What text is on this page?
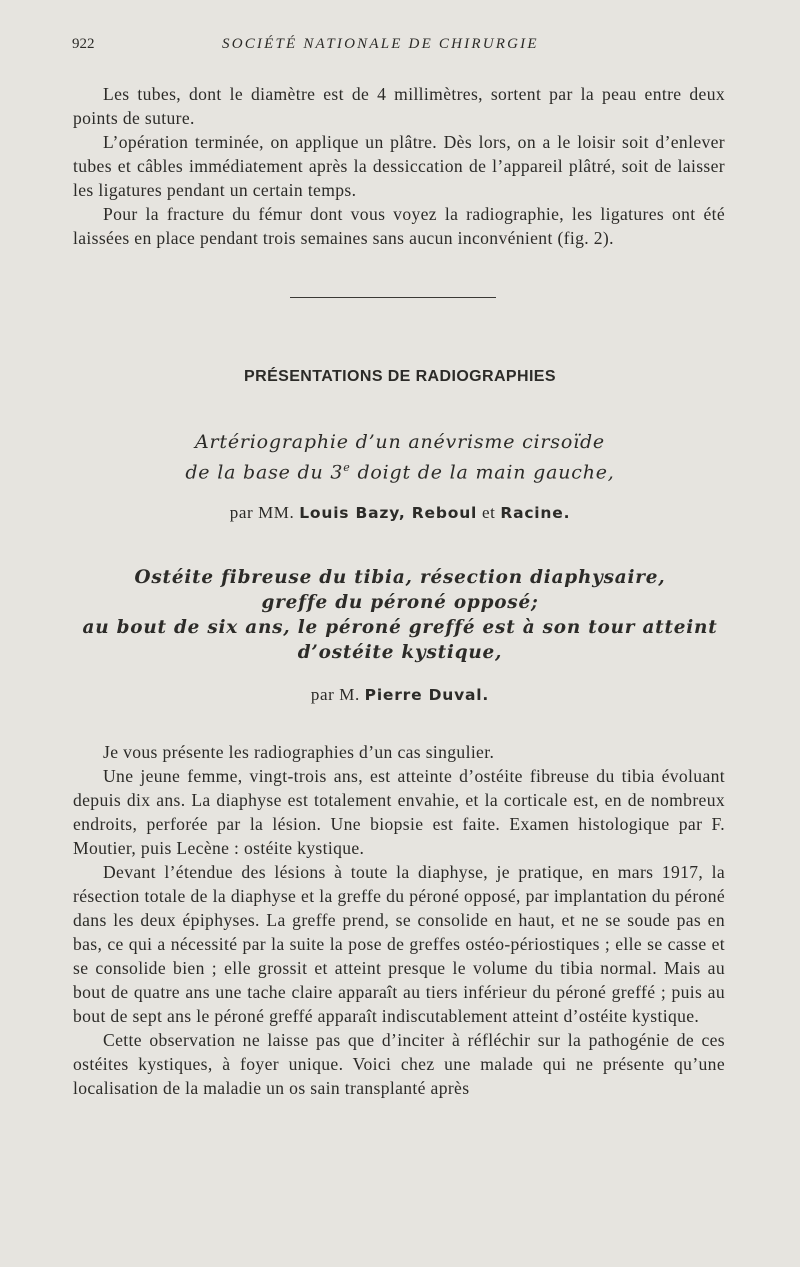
922	SOCIÉTÉ NATIONALE DE CHIRURGIE

Les tubes, dont le diamètre est de 4 millimètres, sortent par la peau entre deux points de suture.

L’opération terminée, on applique un plâtre. Dès lors, on a le loisir soit d’enlever tubes et câbles immédiatement après la dessiccation de l’appareil plâtré, soit de laisser les ligatures pendant un certain temps.

Pour la fracture du fémur dont vous voyez la radiographie, les ligatures ont été laissées en place pendant trois semaines sans aucun inconvénient (fig. 2).

PRÉSENTATIONS DE RADIOGRAPHIES
Artériographie d’un anévrisme cirsoïde
de la base du 3e doigt de la main gauche,
par MM. Louis Bazy, Reboul et Racine.
Ostéite fibreuse du tibia, résection diaphysaire,
greffe du péroné opposé;
au bout de six ans, le péroné greffé est à son tour atteint
d’ostéite kystique,
par M. Pierre Duval.

Je vous présente les radiographies d’un cas singulier.

Une jeune femme, vingt-trois ans, est atteinte d’ostéite fibreuse du tibia évoluant depuis dix ans. La diaphyse est totalement envahie, et la corticale est, en de nombreux endroits, perforée par la lésion. Une biopsie est faite. Examen histologique par F. Moutier, puis Lecène : ostéite kystique.

Devant l’étendue des lésions à toute la diaphyse, je pratique, en mars 1917, la résection totale de la diaphyse et la greffe du péroné opposé, par implantation du péroné dans les deux épiphyses. La greffe prend, se consolide en haut, et ne se soude pas en bas, ce qui a nécessité par la suite la pose de greffes ostéo-périostiques ; elle se casse et se consolide bien ; elle grossit et atteint presque le volume du tibia normal. Mais au bout de quatre ans une tache claire apparaît au tiers inférieur du péroné greffé ; puis au bout de sept ans le péroné greffé apparaît indiscutablement atteint d’ostéite kystique.

Cette observation ne laisse pas que d’inciter à réfléchir sur la pathogénie de ces ostéites kystiques, à foyer unique. Voici chez une malade qui ne présente qu’une localisation de la maladie un os sain transplanté après
